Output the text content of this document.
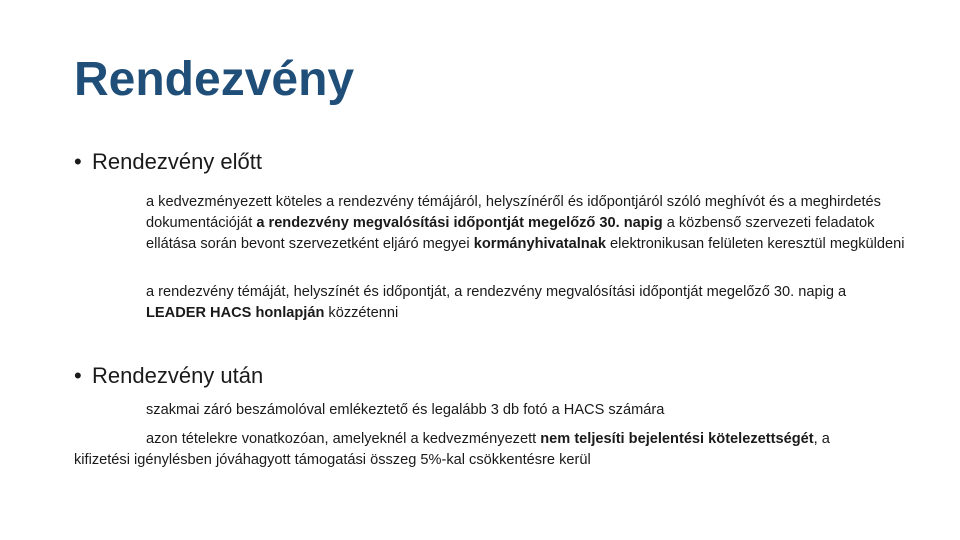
Rendezvény
• Rendezvény előtt
a kedvezményezett köteles a rendezvény témájáról, helyszínéről és időpontjáról szóló meghívót és a meghirdetés dokumentációját a rendezvény megvalósítási időpontját megelőző 30. napig a közbenső szervezeti feladatok ellátása során bevont szervezetként eljáró megyei kormányhivatalnak elektronikusan felületen keresztül megküldeni
a rendezvény témáját, helyszínét és időpontját, a rendezvény megvalósítási időpontját megelőző 30. napig a LEADER HACS honlapján közzétenni
• Rendezvény után
szakmai záró beszámolóval emlékeztető és legalább 3 db fotó a HACS számára
azon tételekre vonatkozóan, amelyeknél a kedvezményezett nem teljesíti bejelentési kötelezettségét, a kifizetési igénylésben jóváhagyott támogatási összeg 5%-kal csökkentésre kerül
